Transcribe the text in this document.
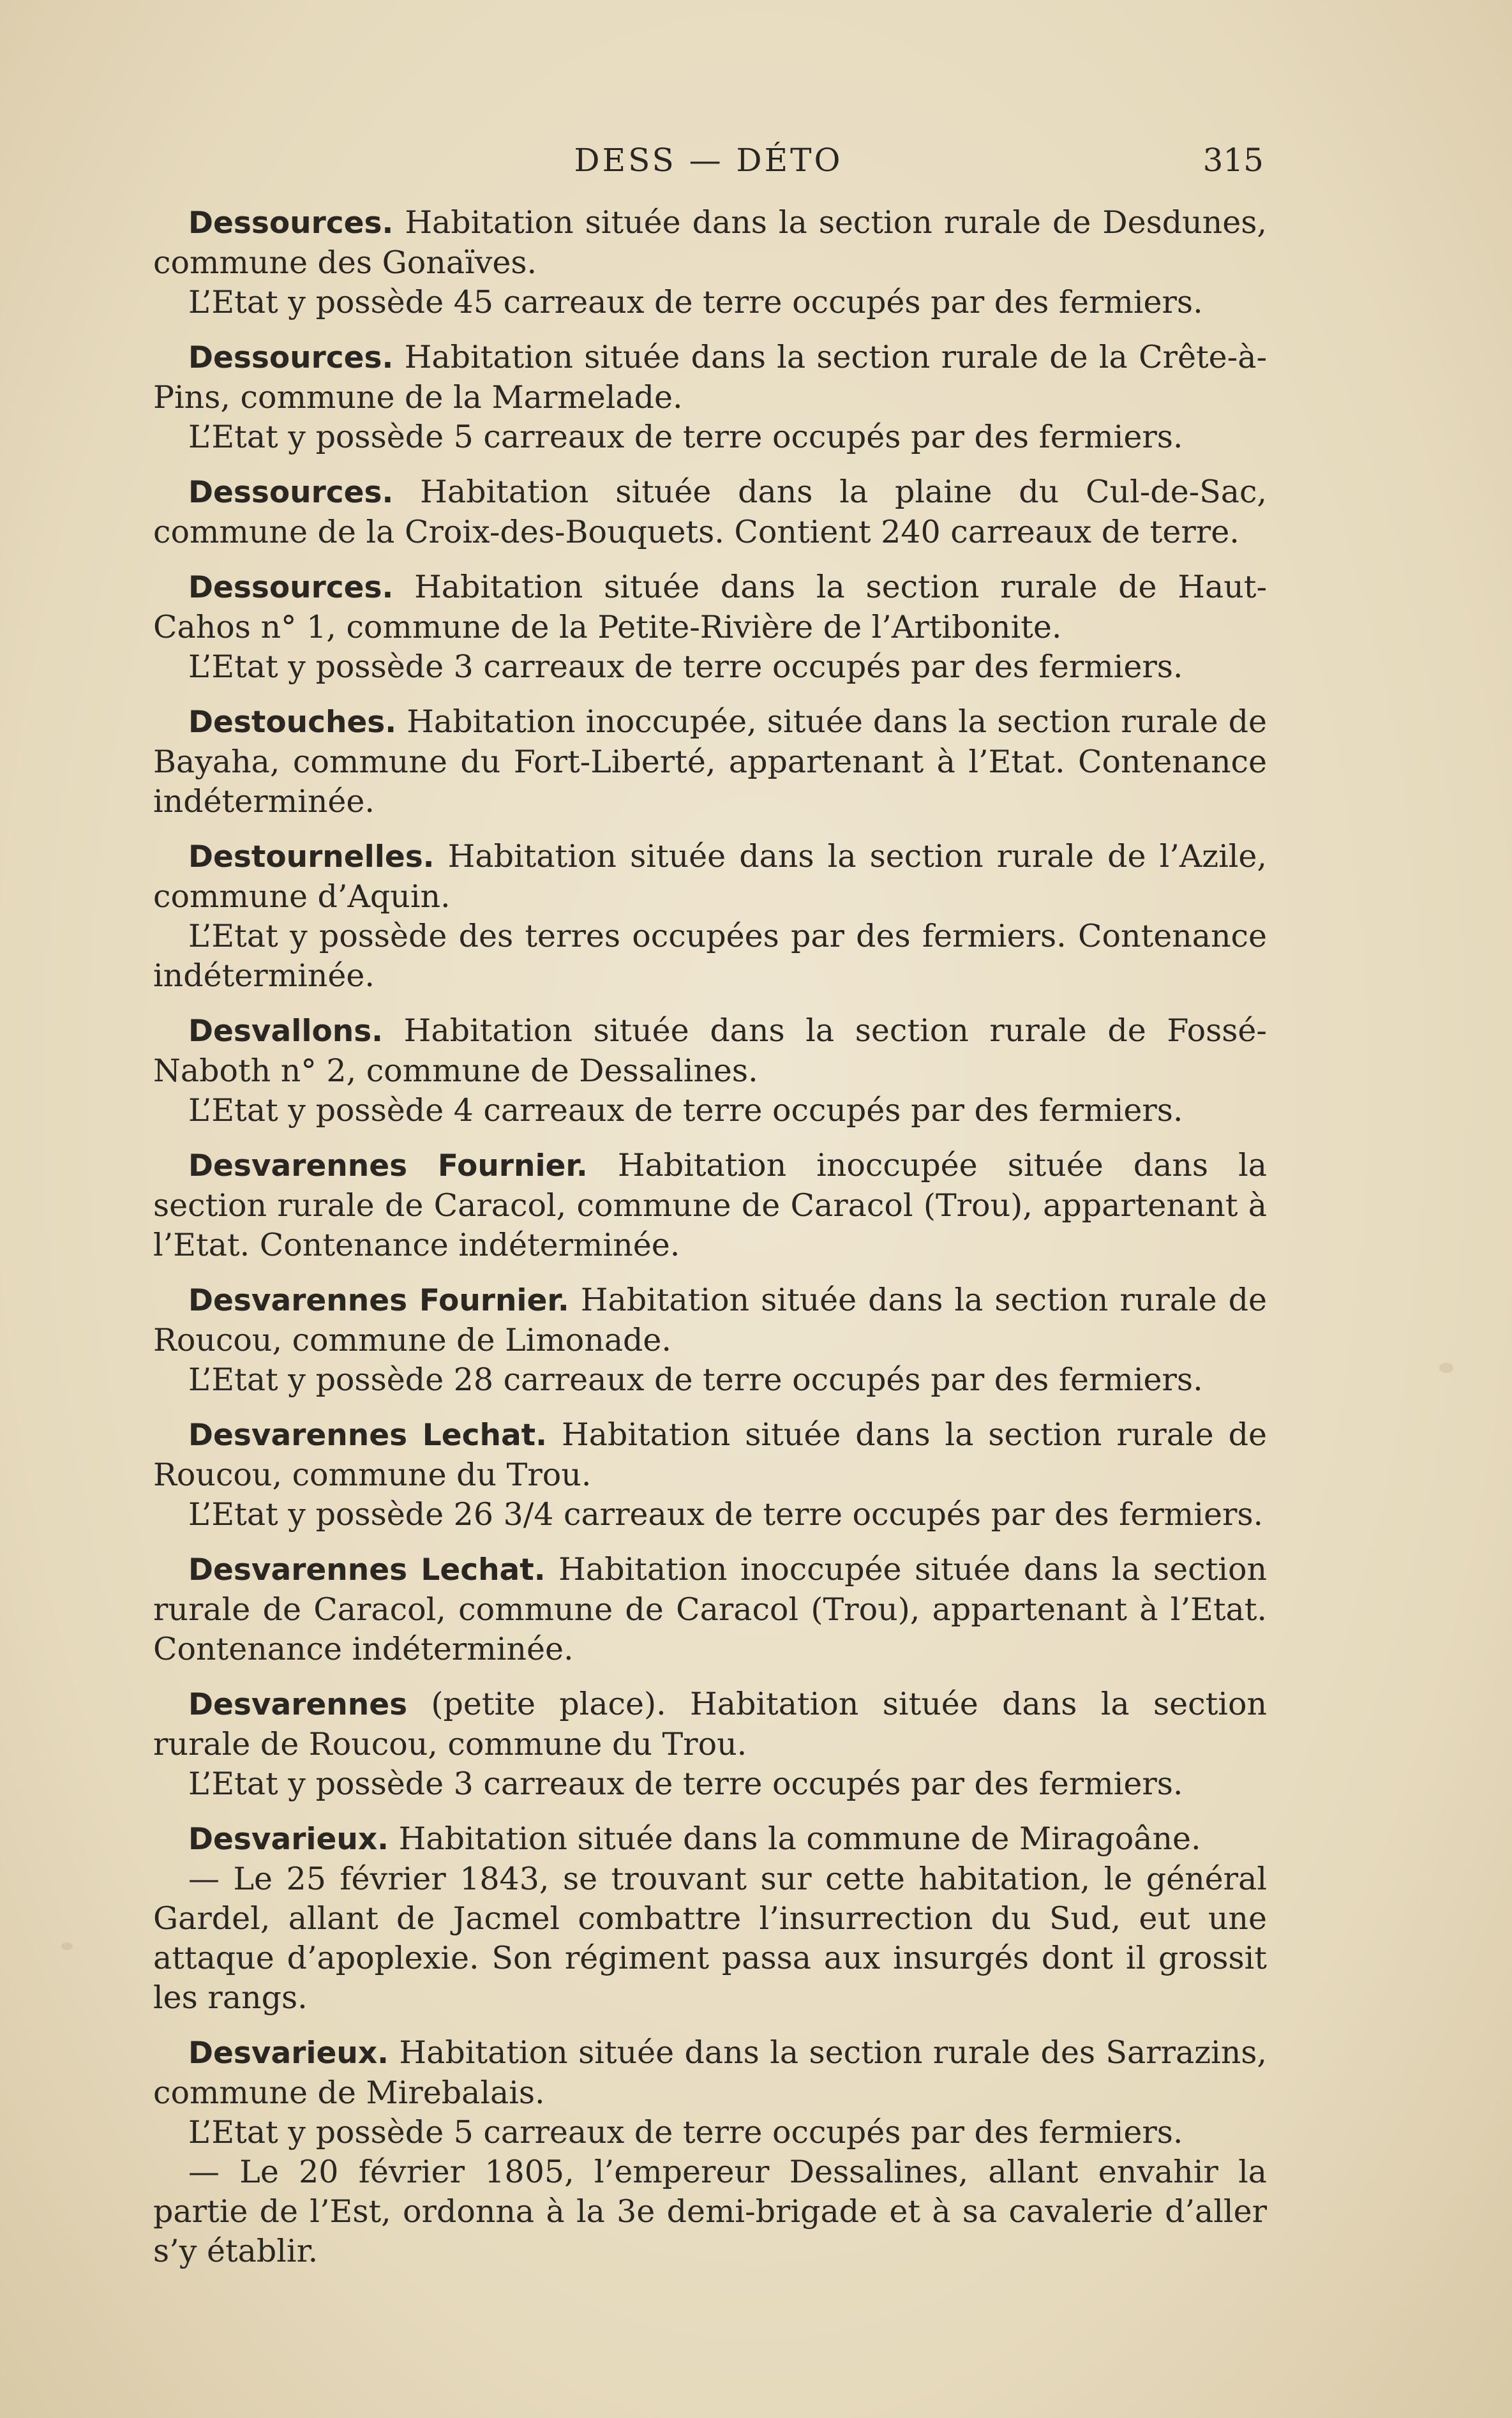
DESS — DÉTO	315

Dessources. Habitation située dans la section rurale de Desdunes, commune des Gonaïves.

L’Etat y possède 45 carreaux de terre occupés par des fermiers.

Dessources. Habitation située dans la section rurale de la Crête-à-Pins, commune de la Marmelade.

L’Etat y possède 5 carreaux de terre occupés par des fermiers.

Dessources. Habitation située dans la plaine du Cul-de-Sac, commune de la Croix-des-Bouquets. Contient 240 carreaux de terre.

Dessources. Habitation située dans la section rurale de Haut-Cahos n° 1, commune de la Petite-Rivière de l’Artibonite.

L’Etat y possède 3 carreaux de terre occupés par des fermiers.

Destouches. Habitation inoccupée, située dans la section rurale de Bayaha, commune du Fort-Liberté, appartenant à l’Etat. Contenance indéterminée.

Destournelles. Habitation située dans la section rurale de l’Azile, commune d’Aquin.

L’Etat y possède des terres occupées par des fermiers. Contenance indéterminée.

Desvallons. Habitation située dans la section rurale de Fossé-Naboth n° 2, commune de Dessalines.

L’Etat y possède 4 carreaux de terre occupés par des fermiers.

Desvarennes Fournier. Habitation inoccupée située dans la section rurale de Caracol, commune de Caracol (Trou), appartenant à l’Etat. Contenance indéterminée.

Desvarennes Fournier. Habitation située dans la section rurale de Roucou, commune de Limonade.

L’Etat y possède 28 carreaux de terre occupés par des fermiers.

Desvarennes Lechat. Habitation située dans la section rurale de Roucou, commune du Trou.

L’Etat y possède 26 3/4 carreaux de terre occupés par des fermiers.

Desvarennes Lechat. Habitation inoccupée située dans la section rurale de Caracol, commune de Caracol (Trou), appartenant à l’Etat. Contenance indéterminée.

Desvarennes (petite place). Habitation située dans la section rurale de Roucou, commune du Trou.

L’Etat y possède 3 carreaux de terre occupés par des fermiers.

Desvarieux. Habitation située dans la commune de Miragoâne.

— Le 25 février 1843, se trouvant sur cette habitation, le général Gardel, allant de Jacmel combattre l’insurrection du Sud, eut une attaque d’apoplexie. Son régiment passa aux insurgés dont il grossit les rangs.

Desvarieux. Habitation située dans la section rurale des Sarrazins, commune de Mirebalais.

L’Etat y possède 5 carreaux de terre occupés par des fermiers.

— Le 20 février 1805, l’empereur Dessalines, allant envahir la partie de l’Est, ordonna à la 3e demi-brigade et à sa cavalerie d’aller s’y établir.
